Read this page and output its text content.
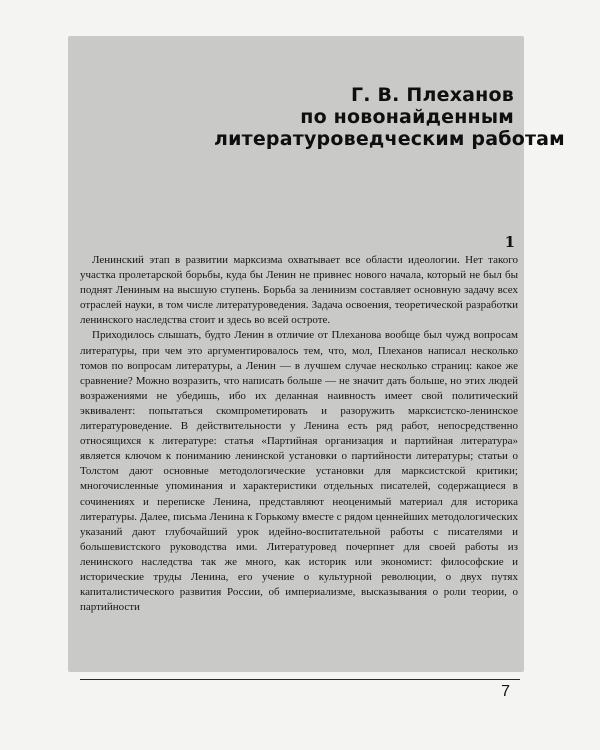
Г. В. Плеханов
по новонайденным
литературоведческим работам
1

Ленинский этап в развитии марксизма охватывает все области идеологии. Нет такого участка пролетарской борьбы, куда бы Ленин не привнес нового начала, который не был бы поднят Лениным на высшую ступень. Борьба за ленинизм составляет основную задачу всех отраслей науки, в том числе литературоведения. Задача освоения, теоретической разработки ленинского наследства стоит и здесь во всей остроте.

Приходилось слышать, будто Ленин в отличие от Плеханова вообще был чужд вопросам литературы, при чем это аргументировалось тем, что, мол, Плеханов написал несколько томов по вопросам литературы, а Ленин — в лучшем случае несколько страниц: какое же сравнение? Можно возразить, что написать больше — не значит дать больше, но этих людей возражениями не убедишь, ибо их деланная наивность имеет свой политический эквивалент: попытаться скомпрометировать и разоружить марксистско-ленинское литературоведение. В действительности у Ленина есть ряд работ, непосредственно относящихся к литературе: статья «Партийная организация и партийная литература» является ключом к пониманию ленинской установки о партийности литературы; статьи о Толстом дают основные методологические установки для марксистской критики; многочисленные упоминания и характеристики отдельных писателей, содержащиеся в сочинениях и переписке Ленина, представляют неоценимый материал для историка литературы. Далее, письма Ленина к Горькому вместе с рядом ценнейших методологических указаний дают глубочайший урок идейно-воспитательной работы с писателями и большевистского руководства ими. Литературовед почерпнет для своей работы из ленинского наследства так же много, как историк или экономист: философские и исторические труды Ленина, его учение о культурной революции, о двух путях капиталистического развития России, об империализме, высказывания о роли теории, о партийности

7
